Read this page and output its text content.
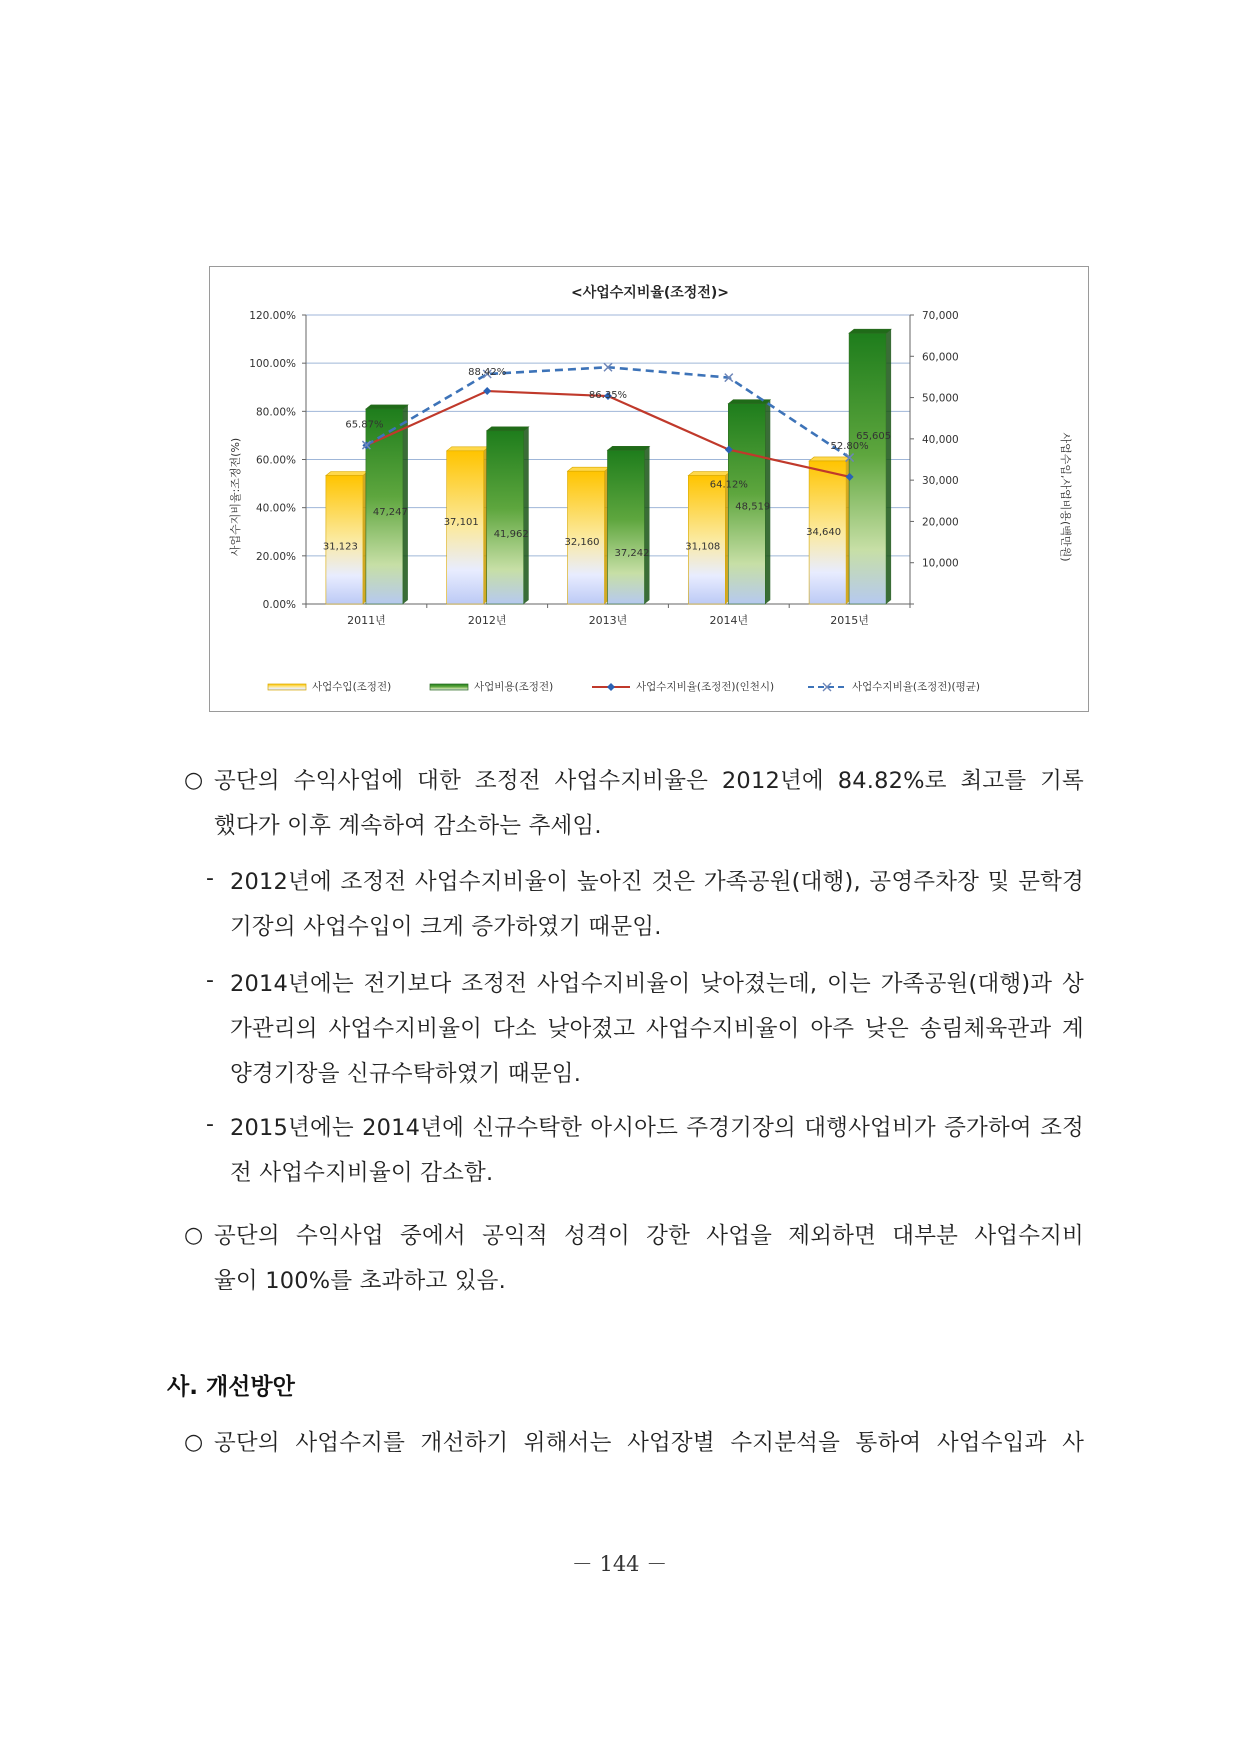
0.00%
20.00%
40.00%
60.00%
80.00%
100.00%
120.00%
10,000
20,000
30,000
40,000
50,000
60,000
70,000
2011년	2012년	2013년	2014년	2015년
31,123
37,101
32,160	31,108
34,640
47,247
41,962
37,242
48,519
65,605
65.87%
88.42%
86.35%
64.12%
52.80%
<사업수지비율(조정전)>
사업수지비율:조정전(%)	사업수입,사업비용(백만원)
사업수입(조정전)	사업비용(조정전)	사업수지비율(조정전)(인천시)	사업수지비율(조정전)(평균)
○ 공단의 수익사업에 대한 조정전 사업수지비율은 2012년에 84.82%로 최고를 기록
했다가 이후 계속하여 감소하는 추세임.
- 2012년에 조정전 사업수지비율이 높아진 것은 가족공원(대행), 공영주차장 및 문학경
기장의 사업수입이 크게 증가하였기 때문임.
- 2014년에는 전기보다 조정전 사업수지비율이 낮아졌는데, 이는 가족공원(대행)과 상
가관리의 사업수지비율이 다소 낮아졌고 사업수지비율이 아주 낮은 송림체육관과 계
양경기장을 신규수탁하였기 때문임.
- 2015년에는 2014년에 신규수탁한 아시아드 주경기장의 대행사업비가 증가하여 조정
전 사업수지비율이 감소함.
○ 공단의 수익사업 중에서 공익적 성격이 강한 사업을 제외하면 대부분 사업수지비
율이 100%를 초과하고 있음.
사. 개선방안
○ 공단의 사업수지를 개선하기 위해서는 사업장별 수지분석을 통하여 사업수입과 사
－ 144 －
